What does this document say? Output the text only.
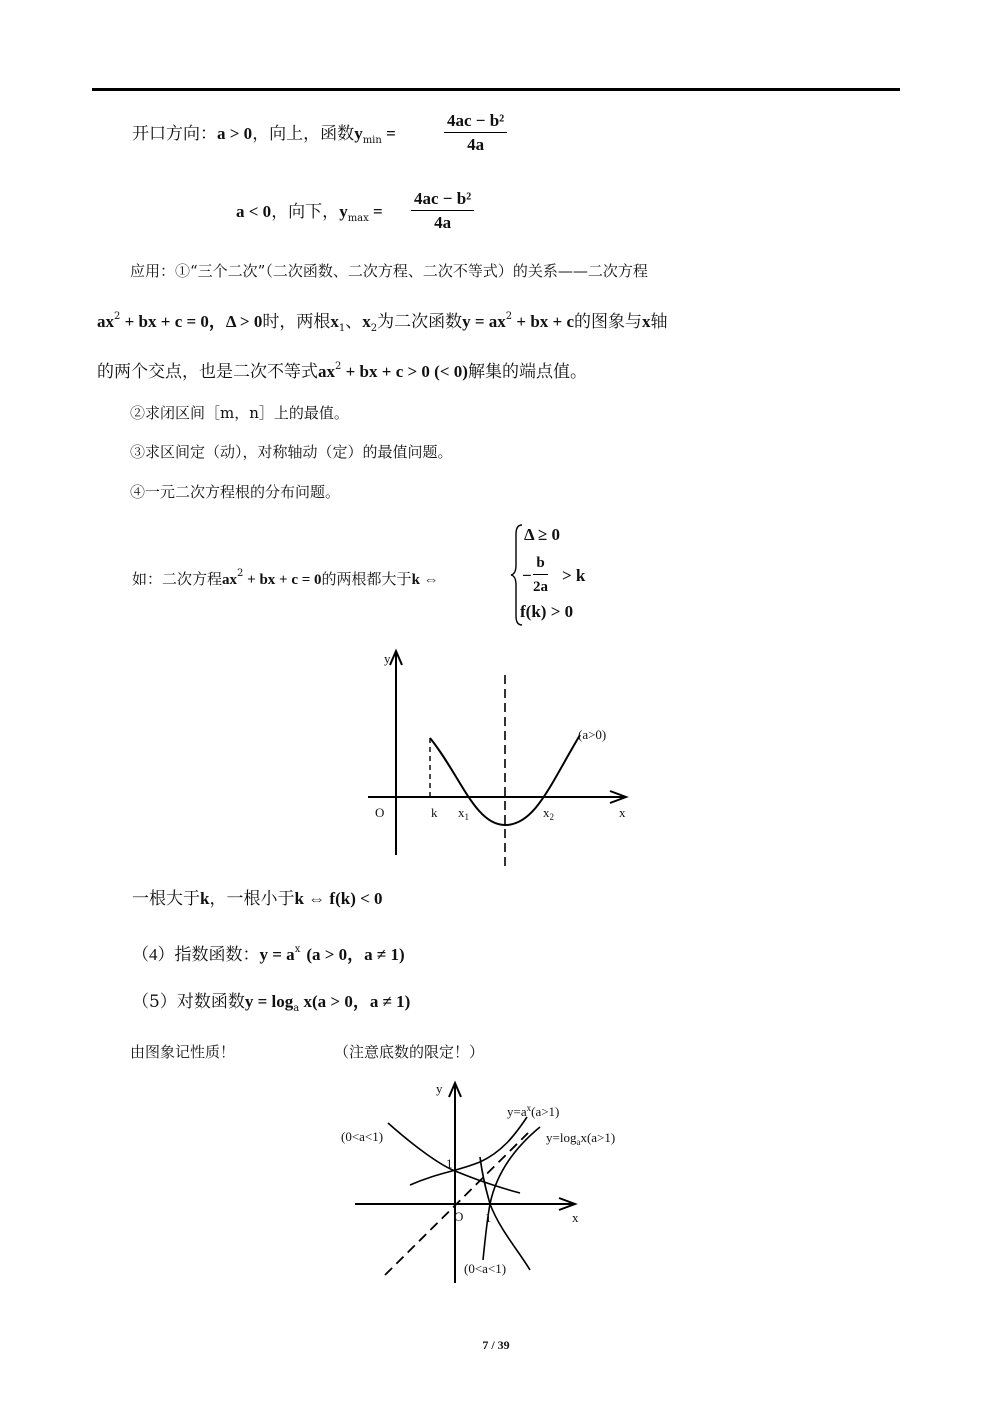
开口方向：a > 0，向上，函数$y_{min}$ =	$\frac{\text{4ac − b²}}{4a}$
a < 0，向下，$y_{max} = \frac{\text{4ac − b²}}{4a}$
应用：①“三个二次”（二次函数、二次方程、二次不等式）的关系——二次方程
$ax^2$ + bx + c = 0，Δ > 0时，两根$x_1$、$x_2$为二次函数$y = ax^2$ + bx + c的图象与x轴
的两个交点，也是二次不等式$ax^2$ + bx + c > 0 (< 0)解集的端点值。
②求闭区间［m，n］上的最值。
③求区间定（动），对称轴动（定）的最值问题。
④一元二次方程根的分布问题。
如：二次方程$ax^2$ + bx + c = 0的两根都大于k ⇔
Δ ≥ 0
− $\frac{b}{2a} > k$
f(k) > 0
y
O	k $x_1$	$x_2$	x
(a>0)
一根大于k，一根小于k ⇔ f(k) < 0
（4）指数函数：$y = a^x$ (a > 0，a ≠ 1)
（5）对数函数$y = \log_a x(a > 0$，a ≠ 1)
由图象记性质！	（注意底数的限定！）
y
x
O
1
1
$y=a^x(a>1)$
$y=\log_ax(a>1)$
(0<a<1)
(0<a<1)
7 / 39
